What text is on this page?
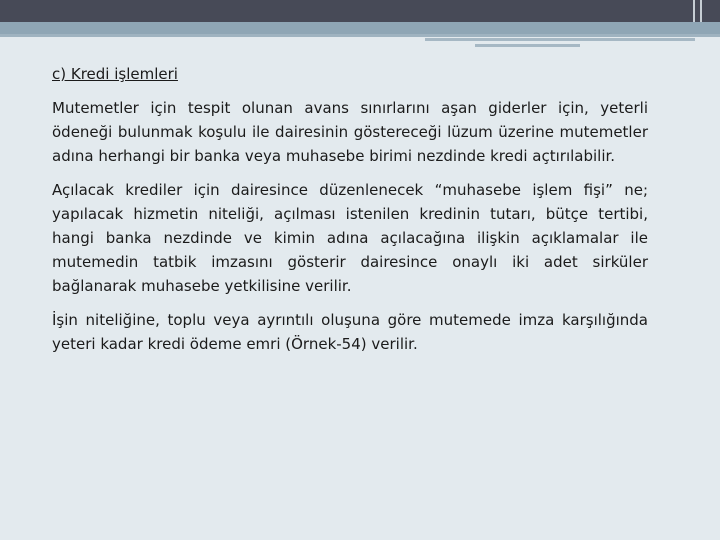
c) Kredi işlemleri

Mutemetler için tespit olunan avans sınırlarını aşan giderler için, yeterli ödeneği bulunmak koşulu ile dairesinin göstereceği lüzum üzerine mutemetler adına herhangi bir banka veya muhasebe birimi nezdinde kredi açtırılabilir.

Açılacak krediler için dairesince düzenlenecek “muhasebe işlem fişi” ne; yapılacak hizmetin niteliği, açılması istenilen kredinin tutarı, bütçe tertibi, hangi banka nezdinde ve kimin adına açılacağına ilişkin açıklamalar ile mutemedin tatbik imzasını gösterir dairesince onaylı iki adet sirküler bağlanarak muhasebe yetkilisine verilir.

İşin niteliğine, toplu veya ayrıntılı oluşuna göre mutemede imza karşılığında yeteri kadar kredi ödeme emri (Örnek-54) verilir.
